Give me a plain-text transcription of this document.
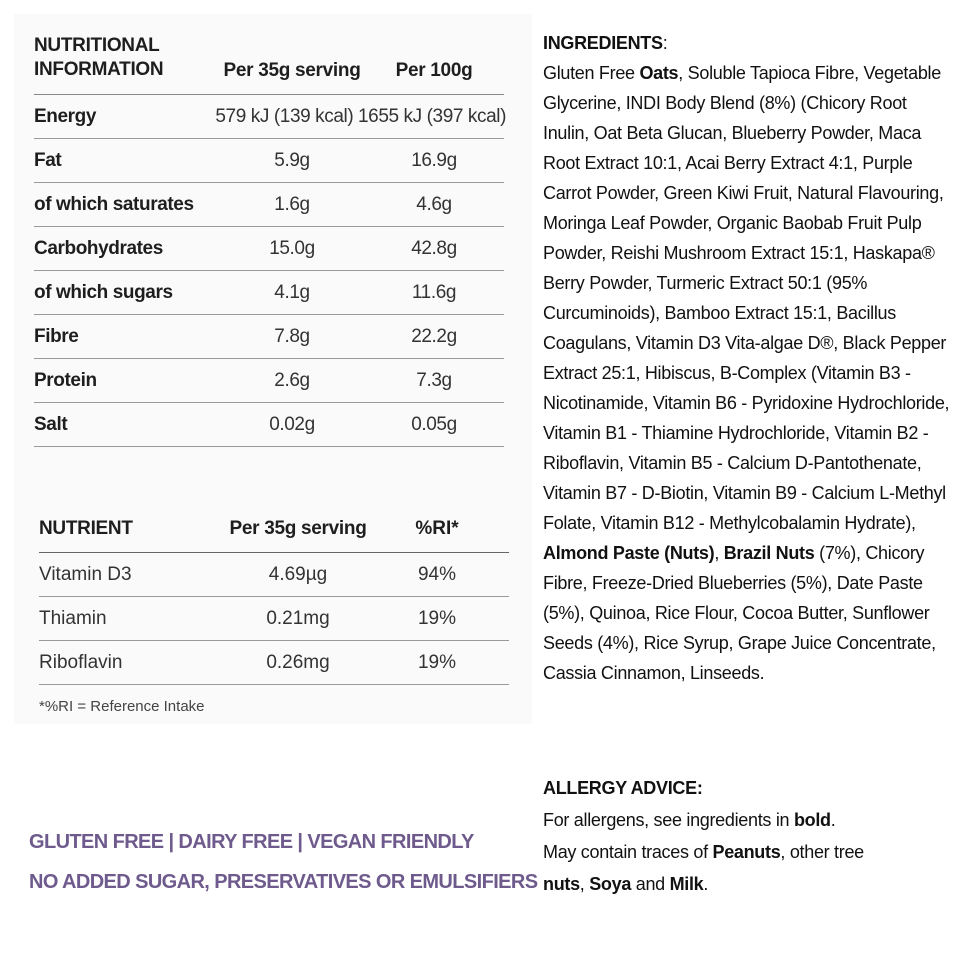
NUTRITIONAL
INFORMATION	Per 35g serving	Per 100g
Energy	579 kJ (139 kcal) 1655 kJ (397 kcal)
Fat	5.9g	16.9g
of which saturates	1.6g	4.6g
Carbohydrates	15.0g	42.8g
of which sugars	4.1g	11.6g
Fibre	7.8g	22.2g
Protein	2.6g	7.3g
Salt	0.02g	0.05g
NUTRIENT	Per 35g serving	%RI*
Vitamin D3	4.69µg	94%
Thiamin	0.21mg	19%
Riboflavin	0.26mg	19%
*%RI = Reference Intake
GLUTEN FREE | DAIRY FREE | VEGAN FRIENDLY
NO ADDED SUGAR, PRESERVATIVES OR EMULSIFIERS
INGREDIENTS:
Gluten Free Oats, Soluble Tapioca Fibre, Vegetable Glycerine, INDI Body Blend (8%) (Chicory Root Inulin, Oat Beta Glucan, Blueberry Powder, Maca Root Extract 10:1, Acai Berry Extract 4:1, Purple Carrot Powder, Green Kiwi Fruit, Natural Flavouring, Moringa Leaf Powder, Organic Baobab Fruit Pulp Powder, Reishi Mushroom Extract 15:1, Haskapa® Berry Powder, Turmeric Extract 50:1 (95% Curcuminoids), Bamboo Extract 15:1, Bacillus Coagulans, Vitamin D3 Vita-algae D®, Black Pepper Extract 25:1, Hibiscus, B-Complex (Vitamin B3 - Nicotinamide, Vitamin B6 - Pyridoxine Hydrochloride, Vitamin B1 - Thiamine Hydrochloride, Vitamin B2 -Riboflavin, Vitamin B5 - Calcium D-Pantothenate, Vitamin B7 - D-Biotin, Vitamin B9 - Calcium L-Methyl Folate, Vitamin B12 - Methylcobalamin Hydrate), Almond Paste (Nuts), Brazil Nuts (7%), Chicory Fibre, Freeze-Dried Blueberries (5%), Date Paste (5%), Quinoa, Rice Flour, Cocoa Butter, Sunflower Seeds (4%), Rice Syrup, Grape Juice Concentrate, Cassia Cinnamon, Linseeds.
ALLERGY ADVICE:
For allergens, see ingredients in bold.
May contain traces of Peanuts, other tree
nuts, Soya and Milk.
